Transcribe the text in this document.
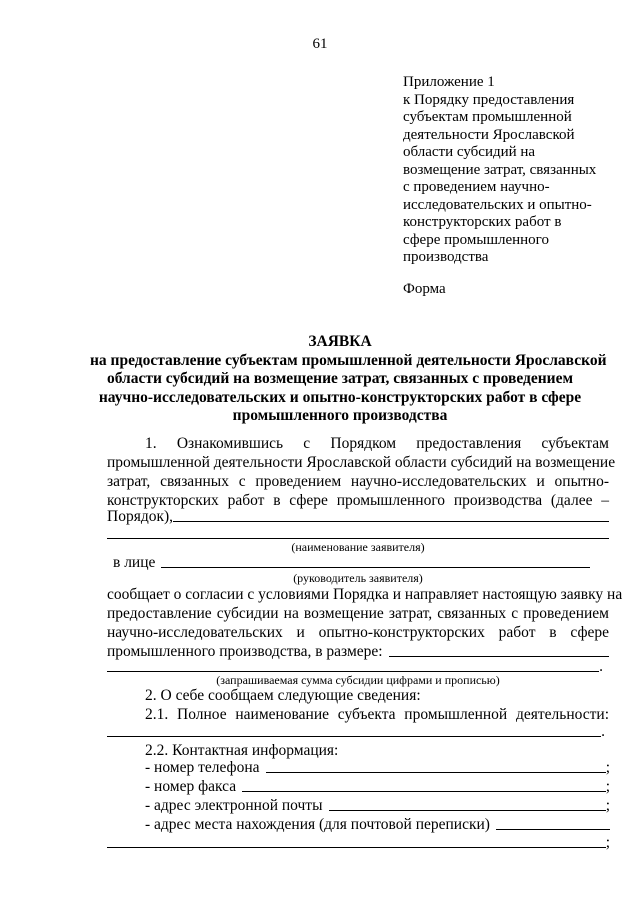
61
Приложение 1
к Порядку предоставления
субъектам промышленной
деятельности Ярославской
области субсидий на
возмещение затрат, связанных
с проведением научно-
исследовательских и опытно-
конструкторских работ в
сфере промышленного
производства
Форма
ЗАЯВКА
на предоставление субъектам промышленной деятельности Ярославской
области субсидий на возмещение затрат, связанных с проведением
научно-исследовательских и опытно-конструкторских работ в сфере
промышленного производства
1. Ознакомившись с Порядком предоставления субъектам
промышленной деятельности Ярославской области субсидий на возмещение
затрат, связанных с проведением научно-исследовательских и опытно-
конструкторских работ в сфере промышленного производства (далее –
Порядок),
(наименование заявителя)
в лице
(руководитель заявителя)
сообщает о согласии с условиями Порядка и направляет настоящую заявку на
предоставление субсидии на возмещение затрат, связанных с проведением
научно-исследовательских и опытно-конструкторских работ в сфере
промышленного производства, в размере:
.
(запрашиваемая сумма субсидии цифрами и прописью)
2. О себе сообщаем следующие сведения:
2.1. Полное наименование субъекта промышленной деятельности:
.
2.2. Контактная информация:
- номер телефона	;
- номер факса	;
- адрес электронной почты	;
- адрес места нахождения (для почтовой переписки)
;
